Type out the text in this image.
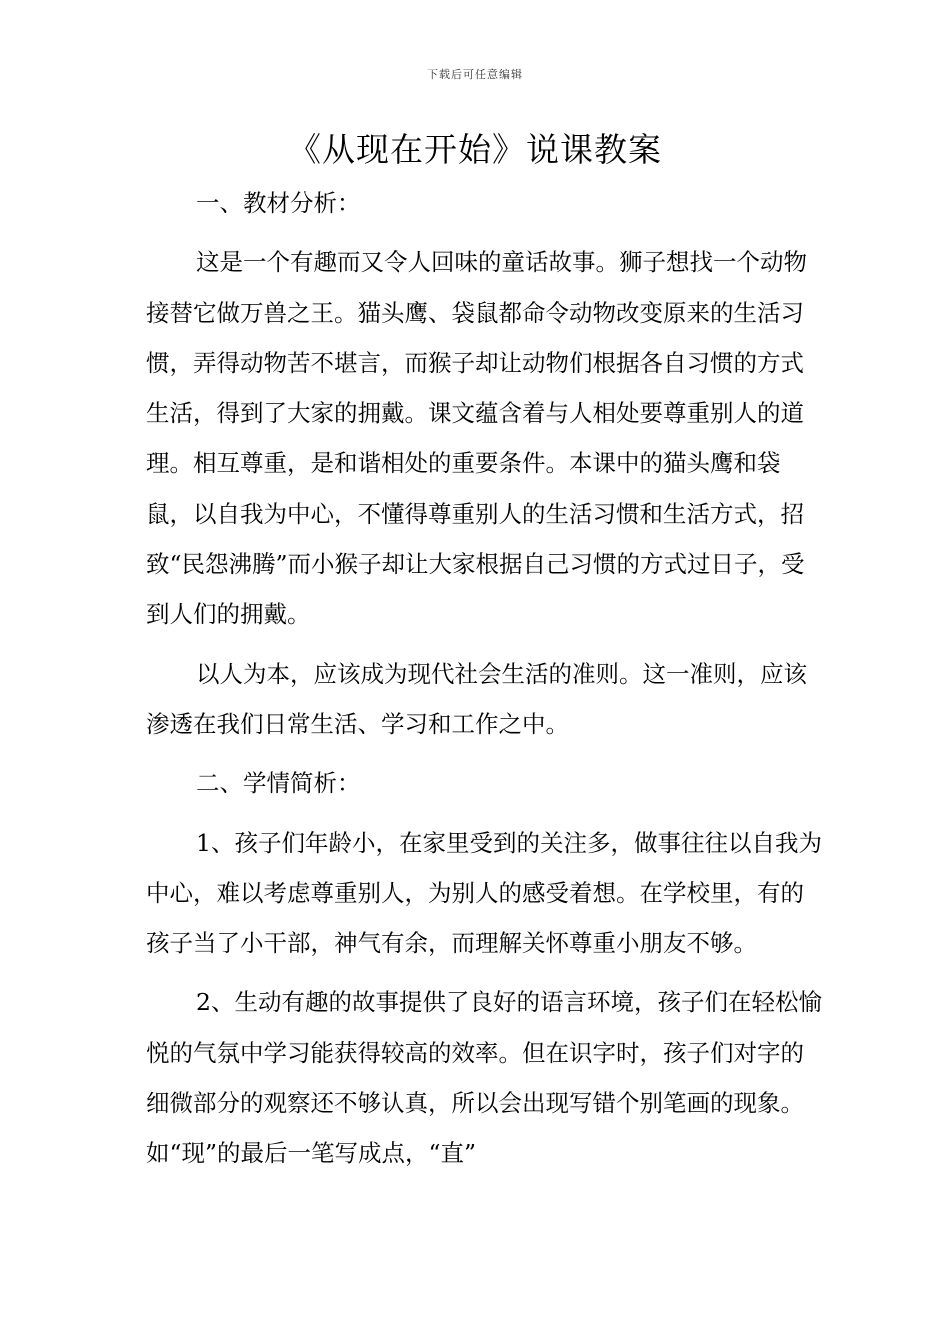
下载后可任意编辑
《从现在开始》说课教案

一、教材分析：

这是一个有趣而又令人回味的童话故事。狮子想找一个动物接替它做万兽之王。猫头鹰、袋鼠都命令动物改变原来的生活习惯，弄得动物苦不堪言，而猴子却让动物们根据各自习惯的方式生活，得到了大家的拥戴。课文蕴含着与人相处要尊重别人的道理。相互尊重，是和谐相处的重要条件。本课中的猫头鹰和袋鼠，以自我为中心，不懂得尊重别人的生活习惯和生活方式，招致“民怨沸腾”而小猴子却让大家根据自己习惯的方式过日子，受到人们的拥戴。

以人为本，应该成为现代社会生活的准则。这一准则，应该渗透在我们日常生活、学习和工作之中。

二、学情简析：

1、孩子们年龄小，在家里受到的关注多，做事往往以自我为中心，难以考虑尊重别人，为别人的感受着想。在学校里，有的孩子当了小干部，神气有余，而理解关怀尊重小朋友不够。

2、生动有趣的故事提供了良好的语言环境，孩子们在轻松愉悦的气氛中学习能获得较高的效率。但在识字时，孩子们对字的细微部分的观察还不够认真，所以会出现写错个别笔画的现象。如“现”的最后一笔写成点，“直”
